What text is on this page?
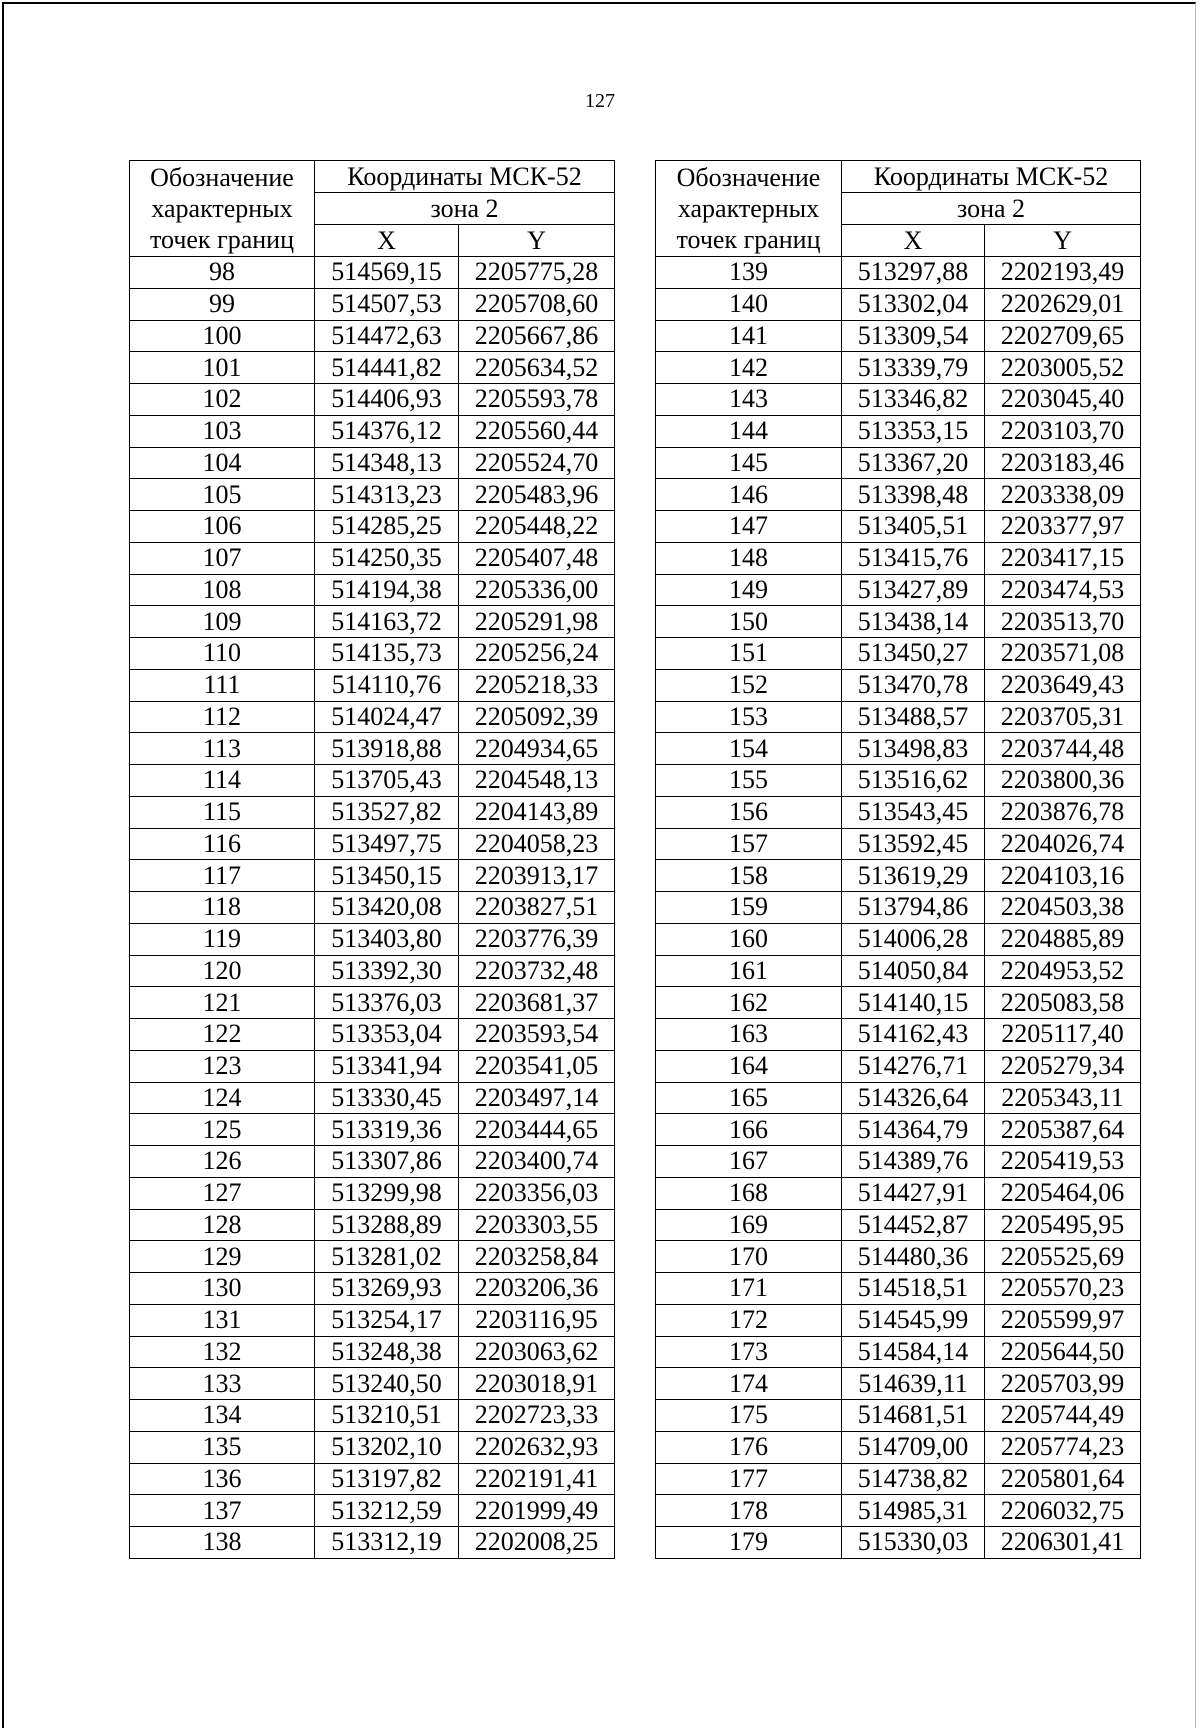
127
Обозначение
характерных
точек границ	Координаты МСК-52	
	зона 2	
	X	Y
98	514569,15	2205775,28
99	514507,53	2205708,60
100	514472,63	2205667,86
101	514441,82	2205634,52
102	514406,93	2205593,78
103	514376,12	2205560,44
104	514348,13	2205524,70
105	514313,23	2205483,96
106	514285,25	2205448,22
107	514250,35	2205407,48
108	514194,38	2205336,00
109	514163,72	2205291,98
110	514135,73	2205256,24
111	514110,76	2205218,33
112	514024,47	2205092,39
113	513918,88	2204934,65
114	513705,43	2204548,13
115	513527,82	2204143,89
116	513497,75	2204058,23
117	513450,15	2203913,17
118	513420,08	2203827,51
119	513403,80	2203776,39
120	513392,30	2203732,48
121	513376,03	2203681,37
122	513353,04	2203593,54
123	513341,94	2203541,05
124	513330,45	2203497,14
125	513319,36	2203444,65
126	513307,86	2203400,74
127	513299,98	2203356,03
128	513288,89	2203303,55
129	513281,02	2203258,84
130	513269,93	2203206,36
131	513254,17	2203116,95
132	513248,38	2203063,62
133	513240,50	2203018,91
134	513210,51	2202723,33
135	513202,10	2202632,93
136	513197,82	2202191,41
137	513212,59	2201999,49
138	513312,19	2202008,25
Обозначение
характерных
точек границ	Координаты МСК-52	
	зона 2	
	X	Y
139	513297,88	2202193,49
140	513302,04	2202629,01
141	513309,54	2202709,65
142	513339,79	2203005,52
143	513346,82	2203045,40
144	513353,15	2203103,70
145	513367,20	2203183,46
146	513398,48	2203338,09
147	513405,51	2203377,97
148	513415,76	2203417,15
149	513427,89	2203474,53
150	513438,14	2203513,70
151	513450,27	2203571,08
152	513470,78	2203649,43
153	513488,57	2203705,31
154	513498,83	2203744,48
155	513516,62	2203800,36
156	513543,45	2203876,78
157	513592,45	2204026,74
158	513619,29	2204103,16
159	513794,86	2204503,38
160	514006,28	2204885,89
161	514050,84	2204953,52
162	514140,15	2205083,58
163	514162,43	2205117,40
164	514276,71	2205279,34
165	514326,64	2205343,11
166	514364,79	2205387,64
167	514389,76	2205419,53
168	514427,91	2205464,06
169	514452,87	2205495,95
170	514480,36	2205525,69
171	514518,51	2205570,23
172	514545,99	2205599,97
173	514584,14	2205644,50
174	514639,11	2205703,99
175	514681,51	2205744,49
176	514709,00	2205774,23
177	514738,82	2205801,64
178	514985,31	2206032,75
179	515330,03	2206301,41
